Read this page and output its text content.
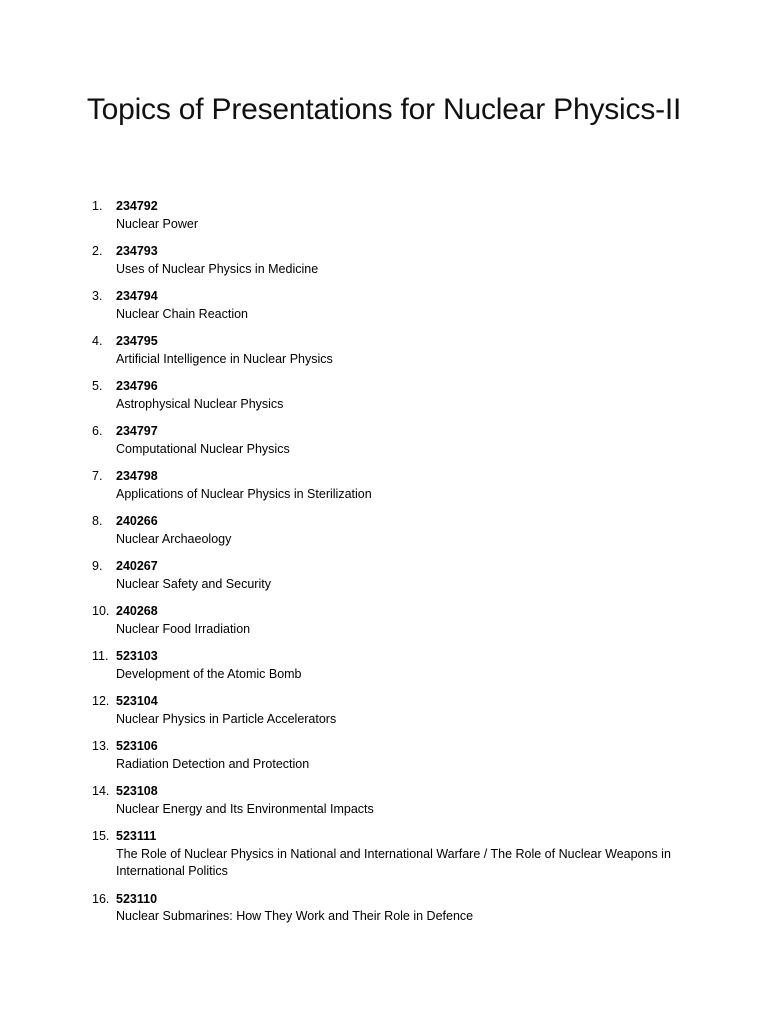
Topics of Presentations for Nuclear Physics-II
1. 234792
Nuclear Power
2. 234793
Uses of Nuclear Physics in Medicine
3. 234794
Nuclear Chain Reaction
4. 234795
Artificial Intelligence in Nuclear Physics
5. 234796
Astrophysical Nuclear Physics
6. 234797
Computational Nuclear Physics
7. 234798
Applications of Nuclear Physics in Sterilization
8. 240266
Nuclear Archaeology
9. 240267
Nuclear Safety and Security
10. 240268
Nuclear Food Irradiation
11. 523103
Development of the Atomic Bomb
12. 523104
Nuclear Physics in Particle Accelerators
13. 523106
Radiation Detection and Protection
14. 523108
Nuclear Energy and Its Environmental Impacts
15. 523111
The Role of Nuclear Physics in National and International Warfare / The Role of Nuclear Weapons in International Politics
16. 523110
Nuclear Submarines: How They Work and Their Role in Defence
